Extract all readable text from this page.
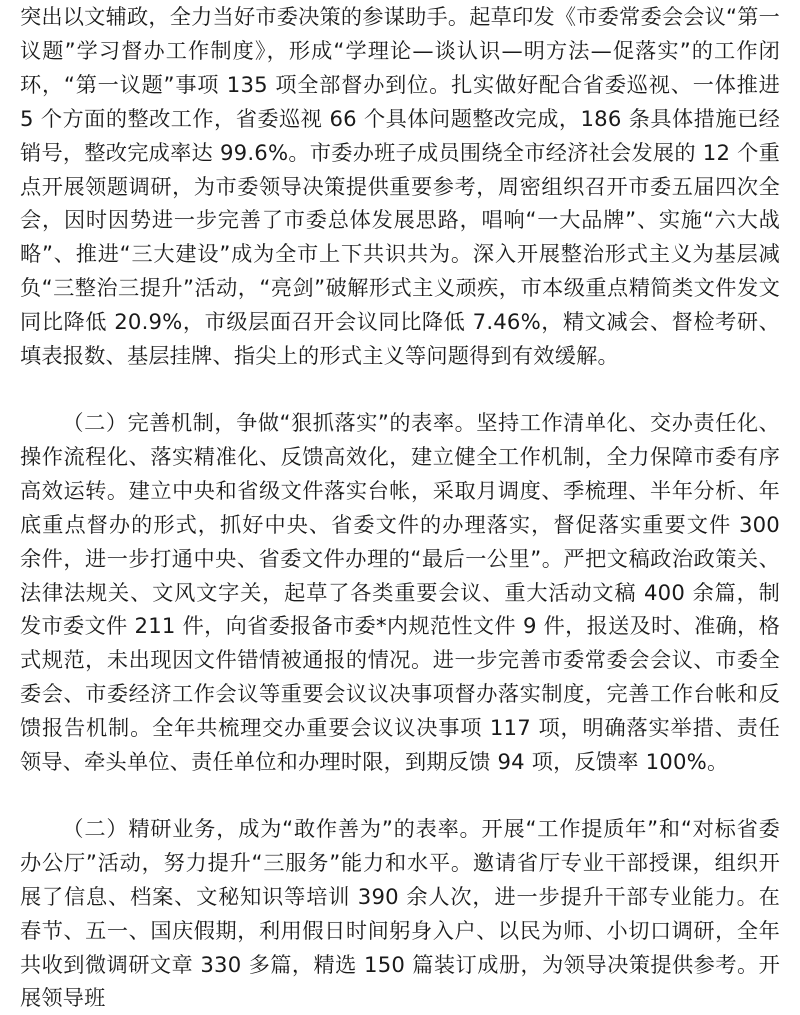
突出以文辅政，全力当好市委决策的参谋助手。起草印发《市委常委会会议“第一议题”学习督办工作制度》，形成“学理论—谈认识—明方法—促落实”的工作闭环，“第一议题”事项 135 项全部督办到位。扎实做好配合省委巡视、一体推进 5 个方面的整改工作，省委巡视 66 个具体问题整改完成，186 条具体措施已经销号，整改完成率达 99.6%。市委办班子成员围绕全市经济社会发展的 12 个重点开展领题调研，为市委领导决策提供重要参考，周密组织召开市委五届四次全会，因时因势进一步完善了市委总体发展思路，唱响“一大品牌”、实施“六大战略”、推进“三大建设”成为全市上下共识共为。深入开展整治形式主义为基层减负“三整治三提升”活动，“亮剑”破解形式主义顽疾，市本级重点精简类文件发文同比降低 20.9%，市级层面召开会议同比降低 7.46%，精文减会、督检考研、填表报数、基层挂牌、指尖上的形式主义等问题得到有效缓解。

（二）完善机制，争做“狠抓落实”的表率。坚持工作清单化、交办责任化、操作流程化、落实精准化、反馈高效化，建立健全工作机制，全力保障市委有序高效运转。建立中央和省级文件落实台帐，采取月调度、季梳理、半年分析、年底重点督办的形式，抓好中央、省委文件的办理落实，督促落实重要文件 300 余件，进一步打通中央、省委文件办理的“最后一公里”。严把文稿政治政策关、法律法规关、文风文字关，起草了各类重要会议、重大活动文稿 400 余篇，制发市委文件 211 件，向省委报备市委*内规范性文件 9 件，报送及时、准确，格式规范，未出现因文件错情被通报的情况。进一步完善市委常委会会议、市委全委会、市委经济工作会议等重要会议议决事项督办落实制度，完善工作台帐和反馈报告机制。全年共梳理交办重要会议议决事项 117 项，明确落实举措、责任领导、牵头单位、责任单位和办理时限，到期反馈 94 项，反馈率 100%。

（二）精研业务，成为“敢作善为”的表率。开展“工作提质年”和“对标省委办公厅”活动，努力提升“三服务”能力和水平。邀请省厅专业干部授课，组织开展了信息、档案、文秘知识等培训 390 余人次，进一步提升干部专业能力。在春节、五一、国庆假期，利用假日时间躬身入户、以民为师、小切口调研，全年共收到微调研文章 330 多篇，精选 150 篇装订成册，为领导决策提供参考。开展领导班
